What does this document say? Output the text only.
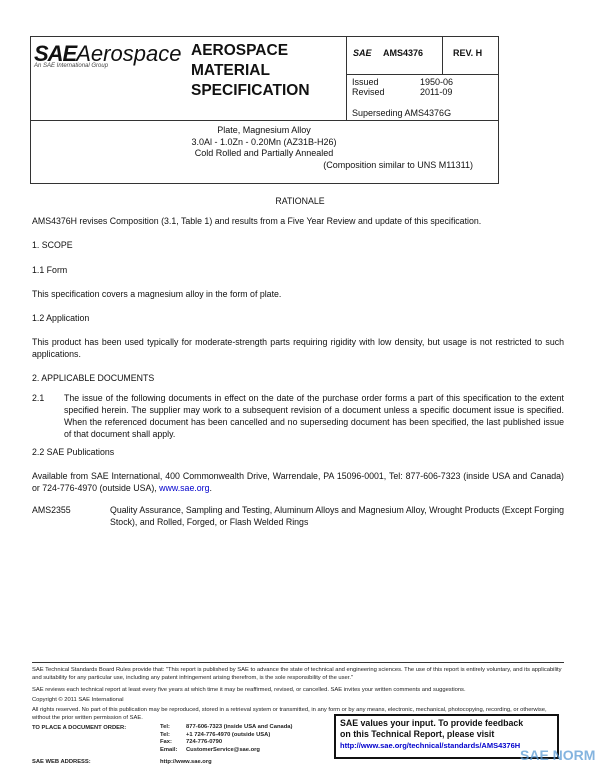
SAEAerospace
An SAE International Group
AEROSPACE
MATERIAL
SPECIFICATION
SAE AMS4376	REV. H
Issued	1950-06
Revised	2011-09
Superseding AMS4376G
Plate, Magnesium Alloy
3.0Al - 1.0Zn - 0.20Mn (AZ31B-H26)
Cold Rolled and Partially Annealed
(Composition similar to UNS M11311)
RATIONALE
AMS4376H revises Composition (3.1, Table 1) and results from a Five Year Review and update of this specification.
1. SCOPE
1.1 Form
This specification covers a magnesium alloy in the form of plate.
1.2 Application
This product has been used typically for moderate-strength parts requiring rigidity with low density, but usage is not restricted to such applications.
2. APPLICABLE DOCUMENTS
2.1 The issue of the following documents in effect on the date of the purchase order forms a part of this specification to the extent specified herein. The supplier may work to a subsequent revision of a document unless a specific document issue is specified. When the referenced document has been cancelled and no superseding document has been specified, the last published issue of that document shall apply.
2.2 SAE Publications
Available from SAE International, 400 Commonwealth Drive, Warrendale, PA 15096-0001, Tel: 877-606-7323 (inside USA and Canada) or 724-776-4970 (outside USA), www.sae.org.
AMS2355	Quality Assurance, Sampling and Testing, Aluminum Alloys and Magnesium Alloy, Wrought Products (Except Forging Stock), and Rolled, Forged, or Flash Welded Rings
SAE Technical Standards Board Rules provide that: "This report is published by SAE to advance the state of technical and engineering sciences. The use of this report is entirely voluntary, and its applicability and suitability for any particular use, including any patent infringement arising therefrom, is the sole responsibility of the user."
SAE reviews each technical report at least every five years at which time it may be reaffirmed, revised, or cancelled. SAE invites your written comments and suggestions.
Copyright © 2011 SAE International
All rights reserved. No part of this publication may be reproduced, stored in a retrieval system or transmitted, in any form or by any means, electronic, mechanical, photocopying, recording, or otherwise, without the prior written permission of SAE.
TO PLACE A DOCUMENT ORDER:	Tel:	877-606-7323 (inside USA and Canada)
Tel:	+1 724-776-4970 (outside USA)
Fax: 724-776-0790
Email: CustomerService@sae.org
SAE WEB ADDRESS:	http://www.sae.org
SAE values your input. To provide feedback
on this Technical Report, please visit
http://www.sae.org/technical/standards/AMS4376H
SAE NORM
